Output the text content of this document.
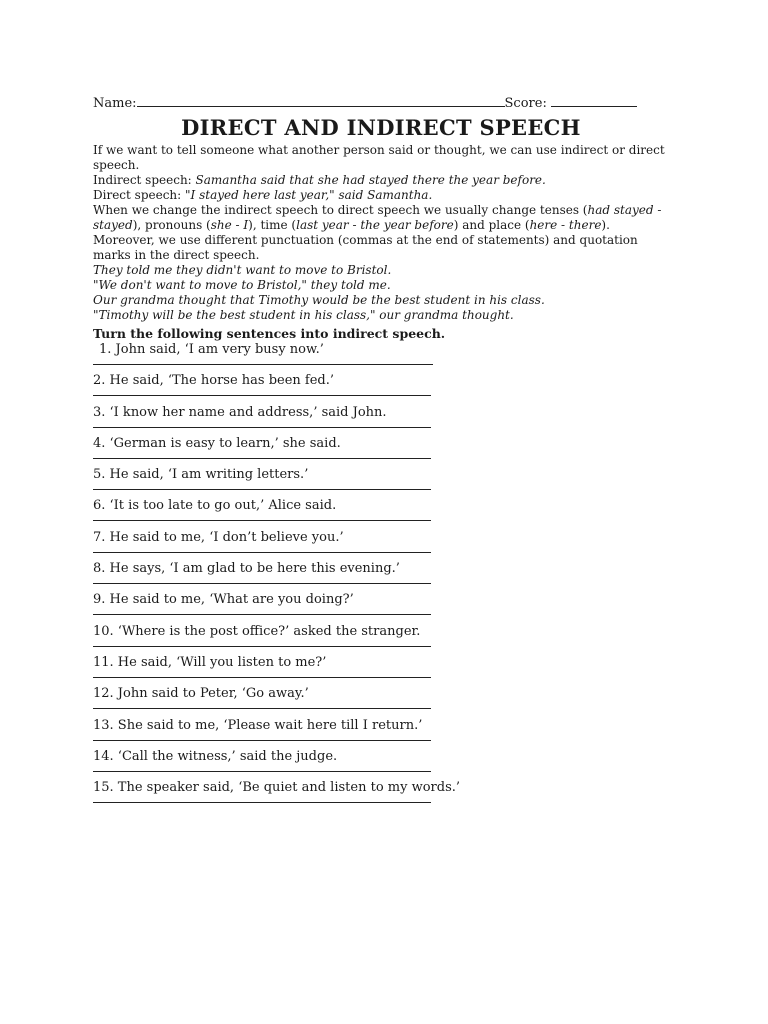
Name:	Score:
DIRECT AND INDIRECT SPEECH

If we want to tell someone what another person said or thought, we can use indirect or direct speech.

Indirect speech: Samantha said that she had stayed there the year before.

Direct speech: "I stayed here last year," said Samantha.

When we change the indirect speech to direct speech we usually change tenses (had stayed - stayed), pronouns (she - I), time (last year - the year before) and place (here - there).

Moreover, we use different punctuation (commas at the end of statements) and quotation marks in the direct speech.

They told me they didn't want to move to Bristol.

"We don't want to move to Bristol," they told me.

Our grandma thought that Timothy would be the best student in his class.

"Timothy will be the best student in his class," our grandma thought.

Turn the following sentences into indirect speech.
1. John said, ‘I am very busy now.’
2. He said, ‘The horse has been fed.’
3. ‘I know her name and address,’ said John.
4. ‘German is easy to learn,’ she said.
5. He said, ‘I am writing letters.’
6. ‘It is too late to go out,’ Alice said.
7. He said to me, ‘I don’t believe you.’
8. He says, ‘I am glad to be here this evening.’
9. He said to me, ‘What are you doing?’
10. ‘Where is the post office?’ asked the stranger.
11. He said, ‘Will you listen to me?’
12. John said to Peter, ‘Go away.’
13. She said to me, ‘Please wait here till I return.’
14. ‘Call the witness,’ said the judge.
15. The speaker said, ‘Be quiet and listen to my words.’
